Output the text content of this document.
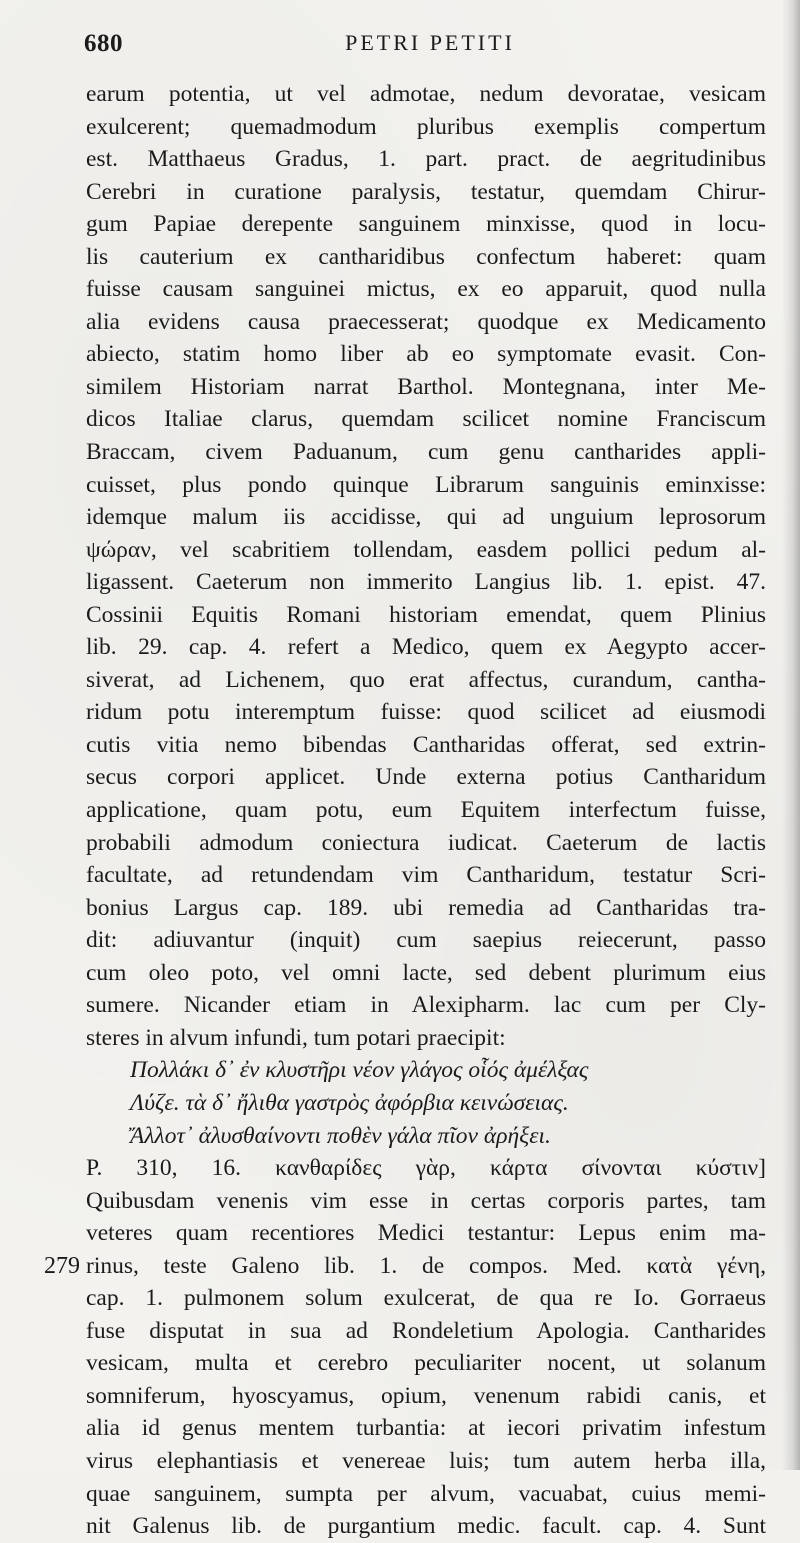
680	PETRI PETITI
279
earum potentia, ut vel admotae, nedum devoratae, vesicam
exulcerent; quemadmodum pluribus exemplis compertum
est. Matthaeus Gradus, 1. part. pract. de aegritudinibus
Cerebri in curatione paralysis, testatur, quemdam Chirur-
gum Papiae derepente sanguinem minxisse, quod in locu-
lis cauterium ex cantharidibus confectum haberet: quam
fuisse causam sanguinei mictus, ex eo apparuit, quod nulla
alia evidens causa praecesserat; quodque ex Medicamento
abiecto, statim homo liber ab eo symptomate evasit. Con-
similem Historiam narrat Barthol. Montegnana, inter Me-
dicos Italiae clarus, quemdam scilicet nomine Franciscum
Braccam, civem Paduanum, cum genu cantharides appli-
cuisset, plus pondo quinque Librarum sanguinis eminxisse:
idemque malum iis accidisse, qui ad unguium leprosorum
ψώραν, vel scabritiem tollendam, easdem pollici pedum al-
ligassent. Caeterum non immerito Langius lib. 1. epist. 47.
Cossinii Equitis Romani historiam emendat, quem Plinius
lib. 29. cap. 4. refert a Medico, quem ex Aegypto accer-
siverat, ad Lichenem, quo erat affectus, curandum, cantha-
ridum potu interemptum fuisse: quod scilicet ad eiusmodi
cutis vitia nemo bibendas Cantharidas offerat, sed extrin-
secus corpori applicet. Unde externa potius Cantharidum
applicatione, quam potu, eum Equitem interfectum fuisse,
probabili admodum coniectura iudicat. Caeterum de lactis
facultate, ad retundendam vim Cantharidum, testatur Scri-
bonius Largus cap. 189. ubi remedia ad Cantharidas tra-
dit: adiuvantur (inquit) cum saepius reiecerunt, passo
cum oleo poto, vel omni lacte, sed debent plurimum eius
sumere. Nicander etiam in Alexipharm. lac cum per Cly-
steres in alvum infundi, tum potari praecipit:
Πολλάκι δ᾽ ἐν κλυστῆρι νέον γλάγος οἷός ἀμέλξας
Λύζε. τὰ δ᾽ ἤλιθα γαστρὸς ἀφόρβια κεινώσειας.
Ἄλλοτ᾽ ἀλυσθαίνοντι ποθὲν γάλα πῖον ἀρήξει.
P. 310, 16. κανθαρίδες γὰρ, κάρτα σίνονται κύστιν]
Quibusdam venenis vim esse in certas corporis partes, tam
veteres quam recentiores Medici testantur: Lepus enim ma-
rinus, teste Galeno lib. 1. de compos. Med. κατὰ γένη,
cap. 1. pulmonem solum exulcerat, de qua re Io. Gorraeus
fuse disputat in sua ad Rondeletium Apologia. Cantharides
vesicam, multa et cerebro peculiariter nocent, ut solanum
somniferum, hyoscyamus, opium, venenum rabidi canis, et
alia id genus mentem turbantia: at iecori privatim infestum
virus elephantiasis et venereae luis; tum autem herba illa,
quae sanguinem, sumpta per alvum, vacuabat, cuius memi-
nit Galenus lib. de purgantium medic. facult. cap. 4. Sunt
